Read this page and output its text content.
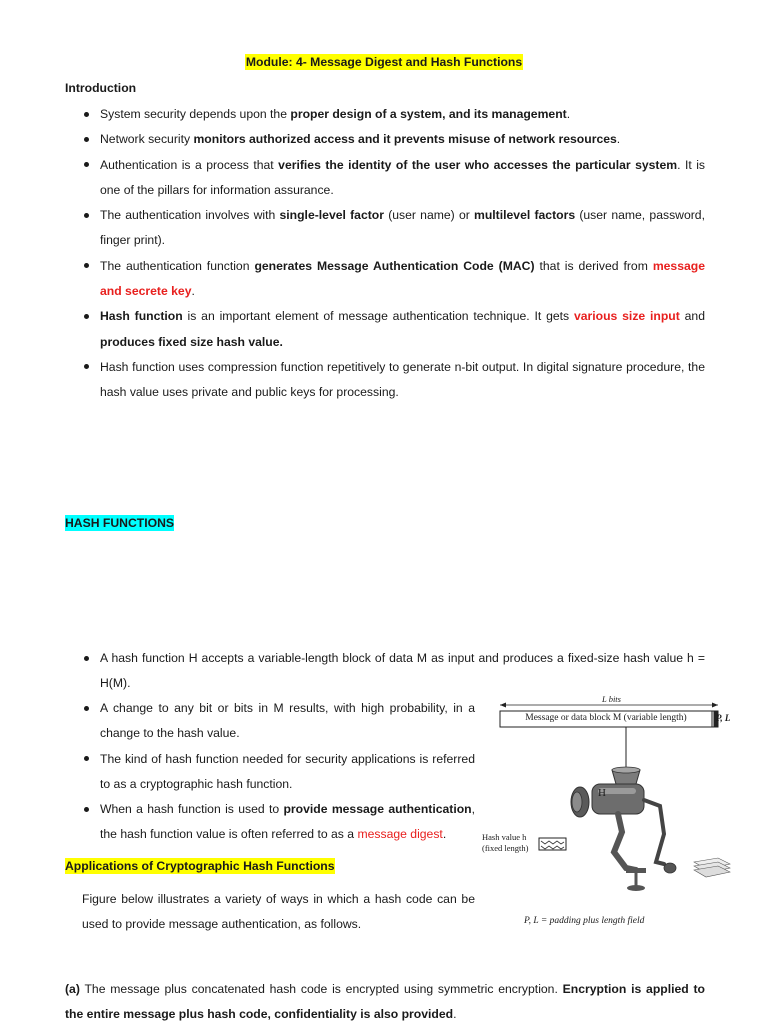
Module: 4- Message Digest and Hash Functions
Introduction
System security depends upon the proper design of a system, and its management.
Network security monitors authorized access and it prevents misuse of network resources.
Authentication is a process that verifies the identity of the user who accesses the particular system. It is one of the pillars for information assurance.
The authentication involves with single-level factor (user name) or multilevel factors (user name, password, finger print).
The authentication function generates Message Authentication Code (MAC) that is derived from message and secrete key.
Hash function is an important element of message authentication technique. It gets various size input and produces fixed size hash value.
Hash function uses compression function repetitively to generate n-bit output. In digital signature procedure, the hash value uses private and public keys for processing.
HASH FUNCTIONS
A hash function H accepts a variable-length block of data M as input and produces a fixed-size hash value h = H(M).
A change to any bit or bits in M results, with high probability, in a change to the hash value.
The kind of hash function needed for security applications is referred to as a cryptographic hash function.
When a hash function is used to provide message authentication, the hash function value is often referred to as a message digest.
Applications of Cryptographic Hash Functions
Figure below illustrates a variety of ways in which a hash code can be used to provide message authentication, as follows.
(a) The message plus concatenated hash code is encrypted using symmetric encryption. Encryption is applied to the entire message plus hash code, confidentiality is also provided.
L bits
Message or data block M (variable length)	P, L
H
Hash value h
(fixed length)
P, L = padding plus length field
